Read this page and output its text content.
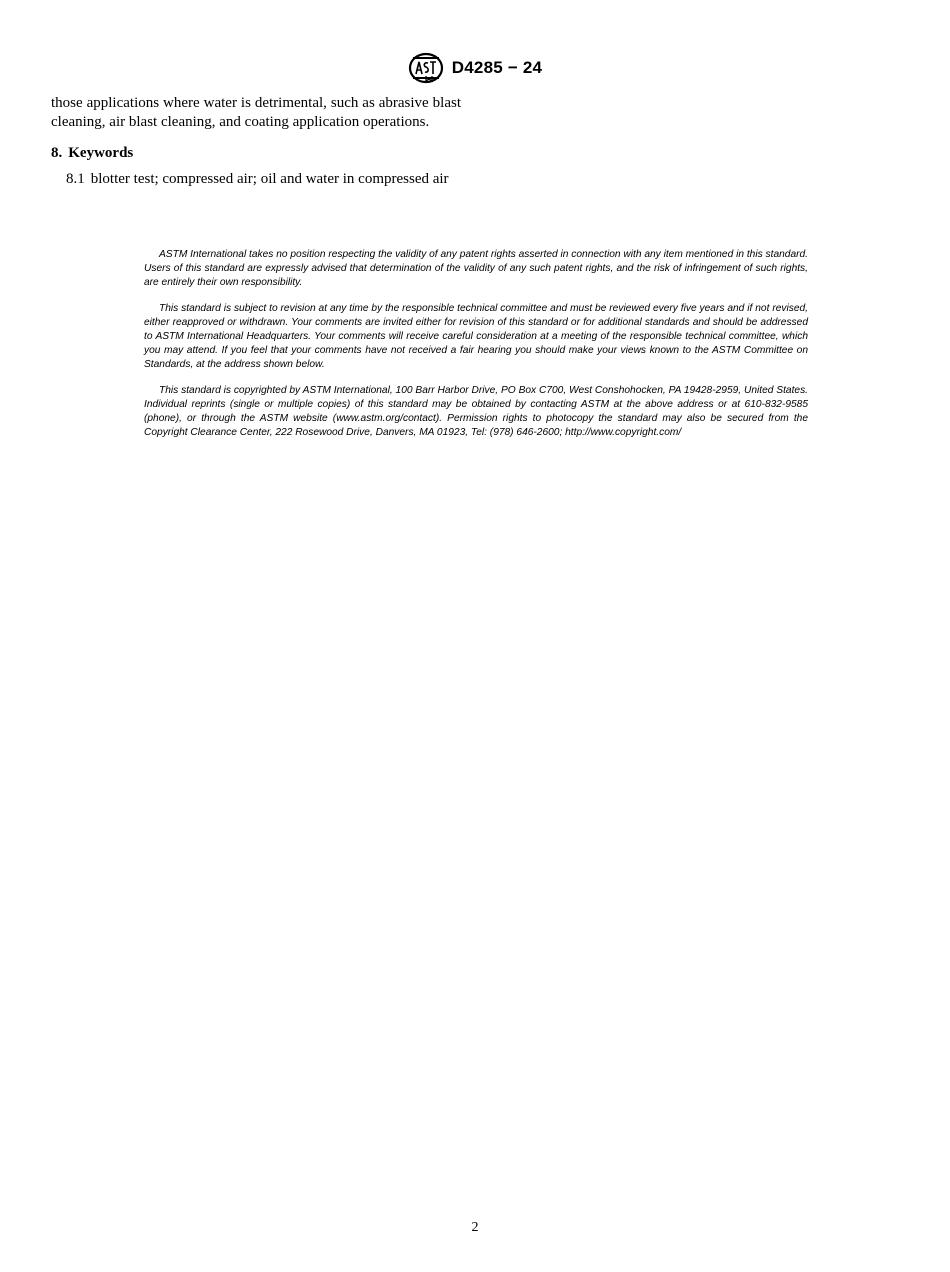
D4285 − 24

those applications where water is detrimental, such as abrasive blast cleaning, air blast cleaning, and coating application operations.

8. Keywords

8.1 blotter test; compressed air; oil and water in compressed air

ASTM International takes no position respecting the validity of any patent rights asserted in connection with any item mentioned in this standard. Users of this standard are expressly advised that determination of the validity of any such patent rights, and the risk of infringement of such rights, are entirely their own responsibility.

This standard is subject to revision at any time by the responsible technical committee and must be reviewed every five years and if not revised, either reapproved or withdrawn. Your comments are invited either for revision of this standard or for additional standards and should be addressed to ASTM International Headquarters. Your comments will receive careful consideration at a meeting of the responsible technical committee, which you may attend. If you feel that your comments have not received a fair hearing you should make your views known to the ASTM Committee on Standards, at the address shown below.

This standard is copyrighted by ASTM International, 100 Barr Harbor Drive, PO Box C700, West Conshohocken, PA 19428-2959, United States. Individual reprints (single or multiple copies) of this standard may be obtained by contacting ASTM at the above address or at 610-832-9585 (phone), or through the ASTM website (www.astm.org/contact). Permission rights to photocopy the standard may also be secured from the Copyright Clearance Center, 222 Rosewood Drive, Danvers, MA 01923, Tel: (978) 646-2600; http://www.copyright.com/

2
